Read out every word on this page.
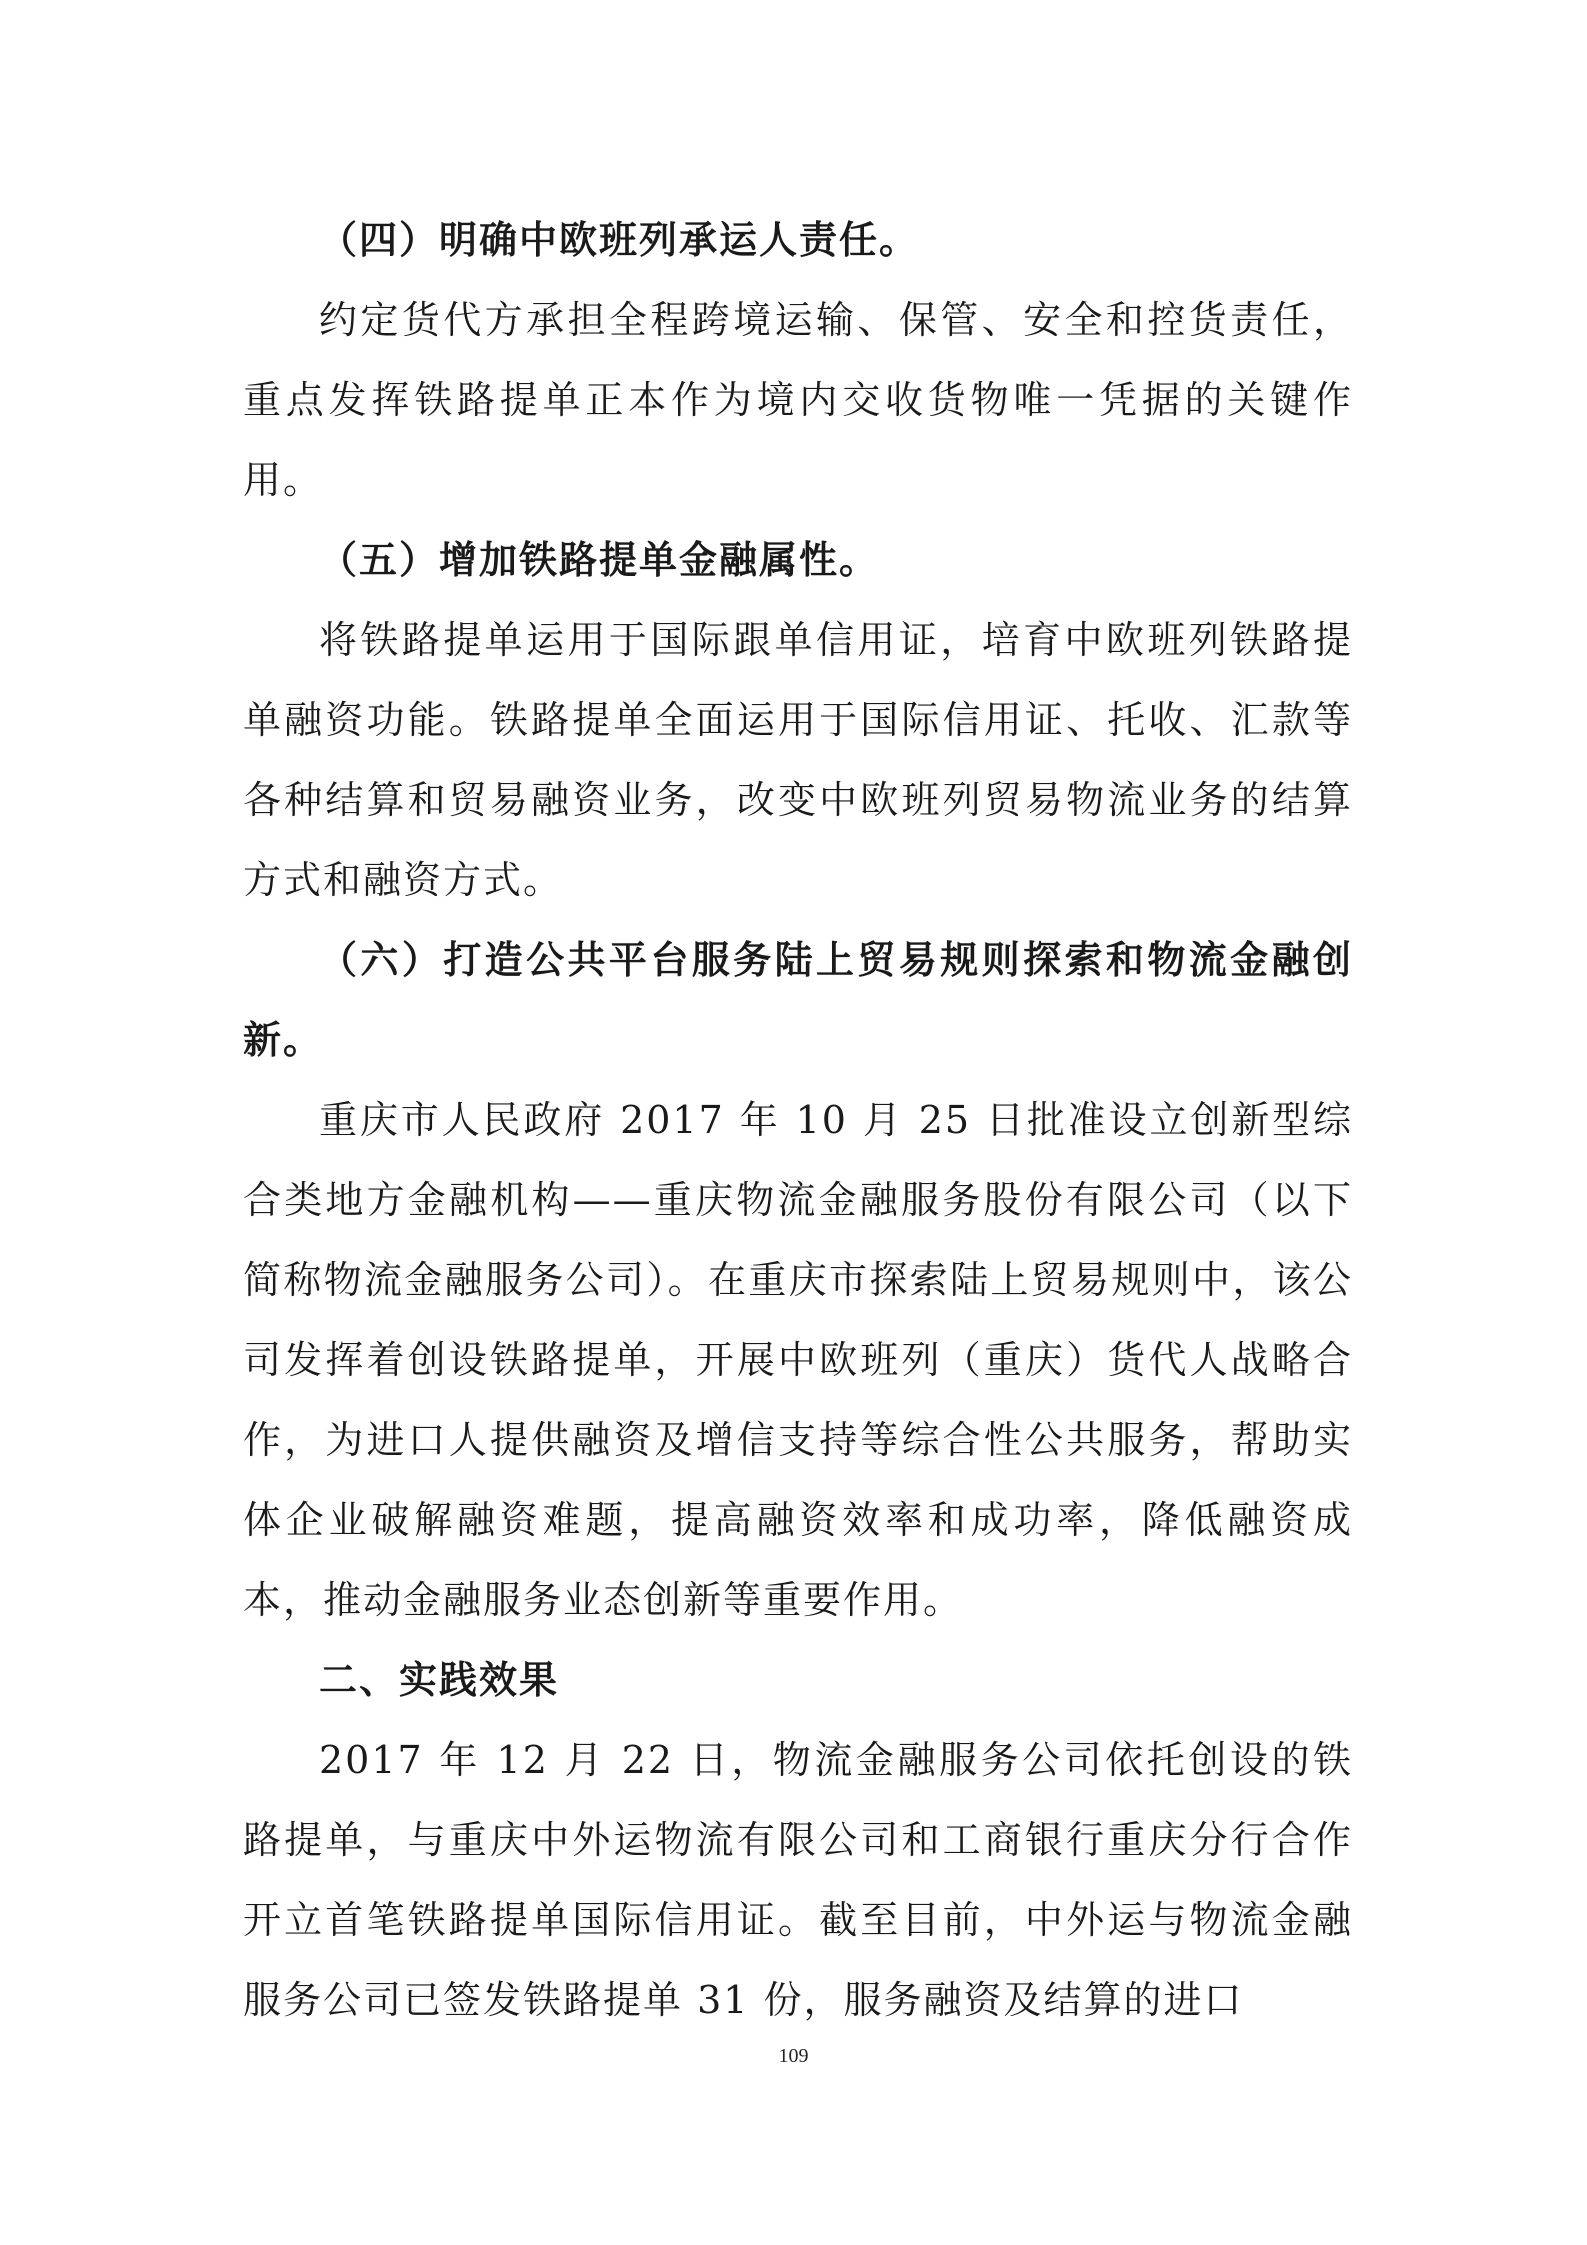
（四）明确中欧班列承运人责任。

约定货代方承担全程跨境运输、保管、安全和控货责任，重点发挥铁路提单正本作为境内交收货物唯一凭据的关键作用。

（五）增加铁路提单金融属性。

将铁路提单运用于国际跟单信用证，培育中欧班列铁路提单融资功能。铁路提单全面运用于国际信用证、托收、汇款等各种结算和贸易融资业务，改变中欧班列贸易物流业务的结算方式和融资方式。

（六）打造公共平台服务陆上贸易规则探索和物流金融创新。

重庆市人民政府 2017 年 10 月 25 日批准设立创新型综合类地方金融机构——重庆物流金融服务股份有限公司（以下简称物流金融服务公司）。在重庆市探索陆上贸易规则中，该公司发挥着创设铁路提单，开展中欧班列（重庆）货代人战略合作，为进口人提供融资及增信支持等综合性公共服务，帮助实体企业破解融资难题，提高融资效率和成功率，降低融资成本，推动金融服务业态创新等重要作用。

二、实践效果

2017 年 12 月 22 日，物流金融服务公司依托创设的铁路提单，与重庆中外运物流有限公司和工商银行重庆分行合作开立首笔铁路提单国际信用证。截至目前，中外运与物流金融服务公司已签发铁路提单 31 份，服务融资及结算的进口

109
